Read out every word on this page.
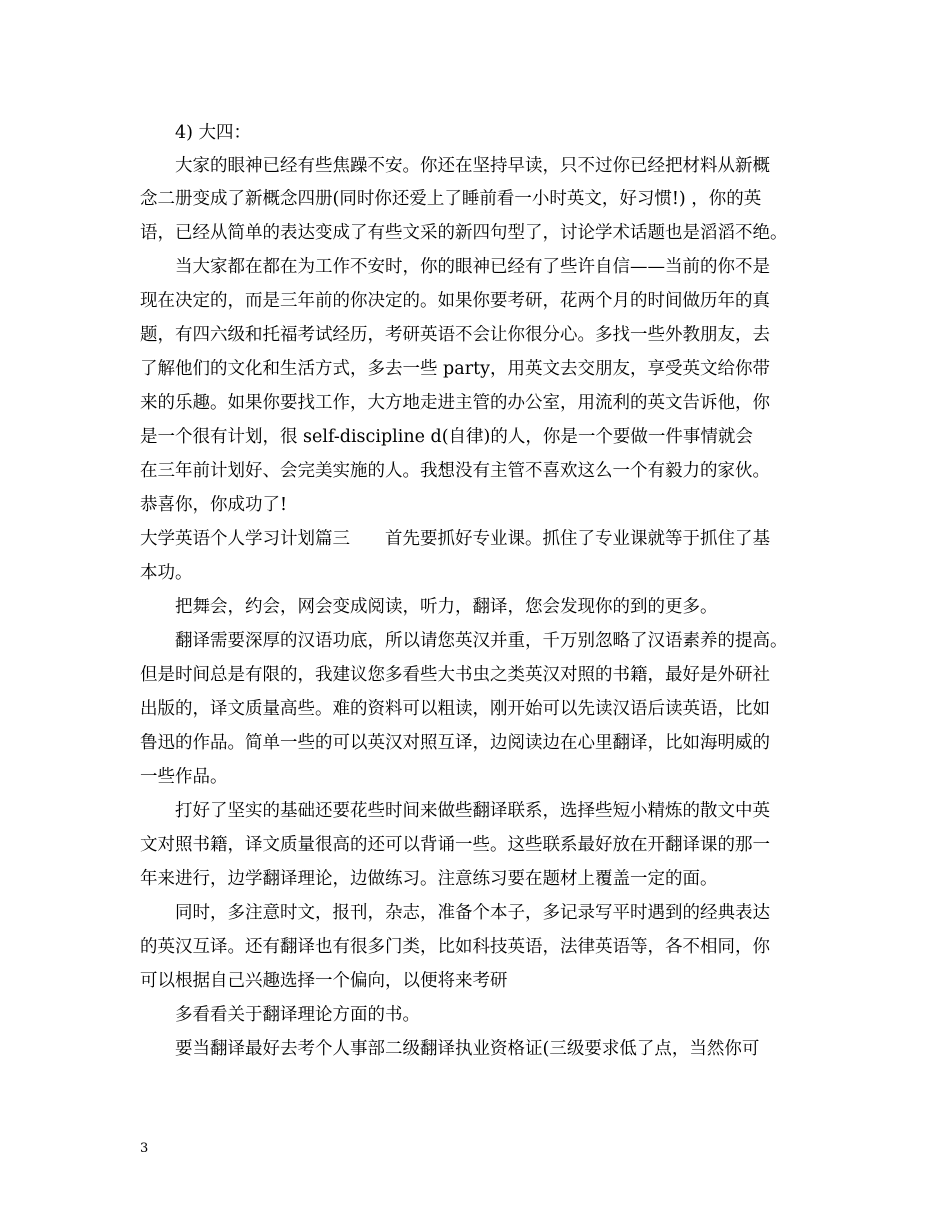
4) 大四：
大家的眼神已经有些焦躁不安。你还在坚持早读，只不过你已经把材料从新概
念二册变成了新概念四册(同时你还爱上了睡前看一小时英文，好习惯!) ，你的英
语，已经从简单的表达变成了有些文采的新四句型了，讨论学术话题也是滔滔不绝。
当大家都在都在为工作不安时，你的眼神已经有了些许自信——当前的你不是
现在决定的，而是三年前的你决定的。如果你要考研，花两个月的时间做历年的真
题，有四六级和托福考试经历，考研英语不会让你很分心。多找一些外教朋友，去
了解他们的文化和生活方式，多去一些 party，用英文去交朋友，享受英文给你带
来的乐趣。如果你要找工作，大方地走进主管的办公室，用流利的英文告诉他，你
是一个很有计划，很 self-discipline d(自律)的人，你是一个要做一件事情就会
在三年前计划好、会完美实施的人。我想没有主管不喜欢这么一个有毅力的家伙。
恭喜你，你成功了!
大学英语个人学习计划篇三　　首先要抓好专业课。抓住了专业课就等于抓住了基
本功。
把舞会，约会，网会变成阅读，听力，翻译，您会发现你的到的更多。
翻译需要深厚的汉语功底，所以请您英汉并重，千万别忽略了汉语素养的提高。
但是时间总是有限的，我建议您多看些大书虫之类英汉对照的书籍，最好是外研社
出版的，译文质量高些。难的资料可以粗读，刚开始可以先读汉语后读英语，比如
鲁迅的作品。简单一些的可以英汉对照互译，边阅读边在心里翻译，比如海明威的
一些作品。
打好了坚实的基础还要花些时间来做些翻译联系，选择些短小精炼的散文中英
文对照书籍，译文质量很高的还可以背诵一些。这些联系最好放在开翻译课的那一
年来进行，边学翻译理论，边做练习。注意练习要在题材上覆盖一定的面。
同时，多注意时文，报刊，杂志，准备个本子，多记录写平时遇到的经典表达
的英汉互译。还有翻译也有很多门类，比如科技英语，法律英语等，各不相同，你
可以根据自己兴趣选择一个偏向，以便将来考研
多看看关于翻译理论方面的书。
要当翻译最好去考个人事部二级翻译执业资格证(三级要求低了点，当然你可
3
